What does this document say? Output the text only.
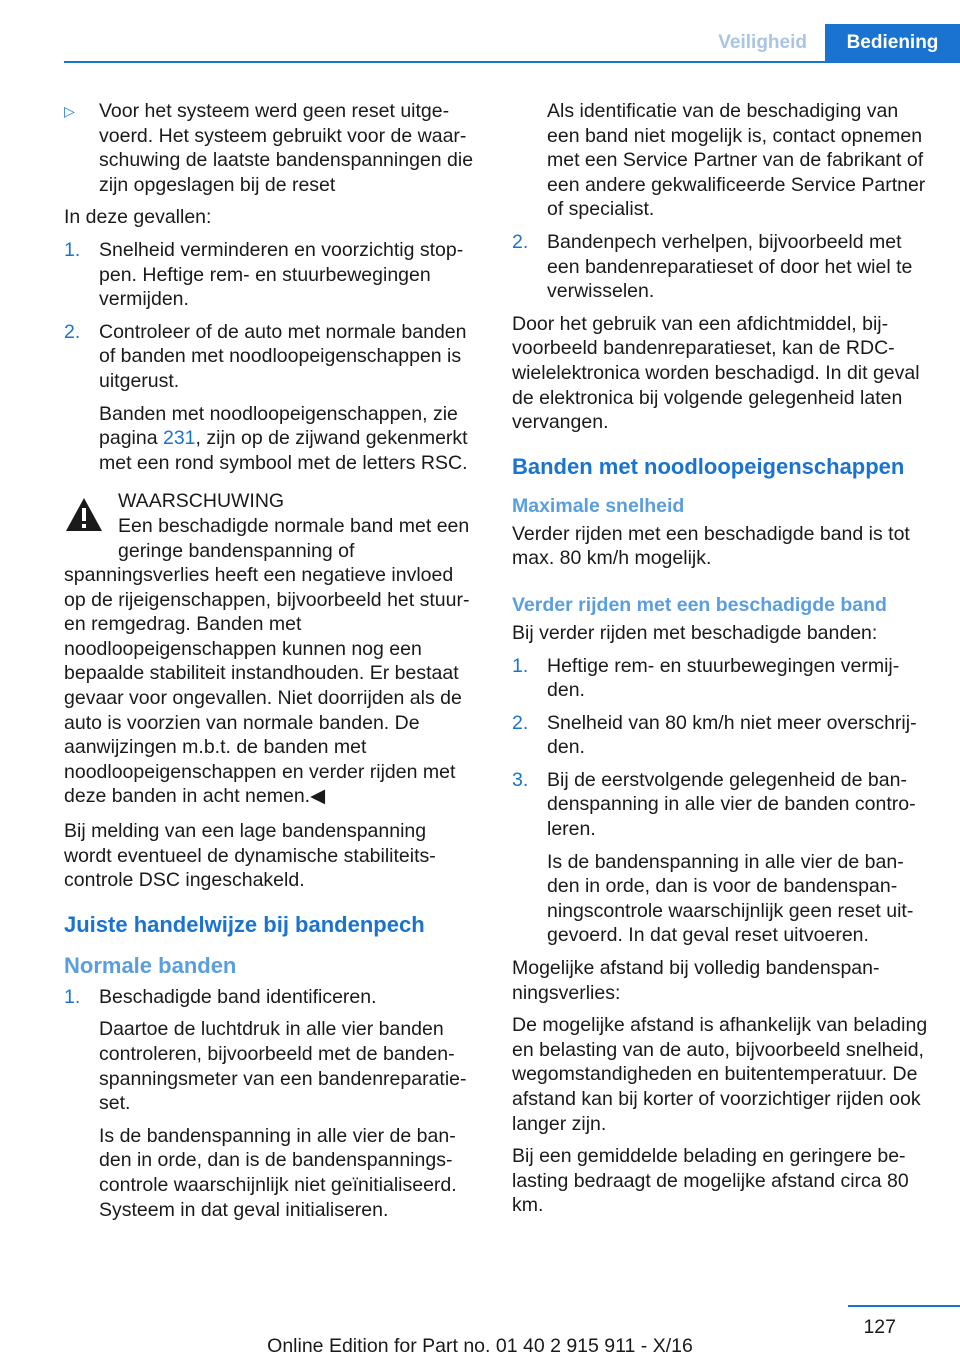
Veiligheid	Bediening
▷ Voor het systeem werd geen reset uitgevoerd. Het systeem gebruikt voor de waarschuwing de laatste bandenspanningen die zijn opgeslagen bij de reset

In deze gevallen:

1. Snelheid verminderen en voorzichtig stoppen. Heftige rem- en stuurbewegingen vermijden.

2. Controleer of de auto met normale banden of banden met noodloopeigenschappen is uitgerust.

Banden met noodloopeigenschappen, zie pagina 231, zijn op de zijwand gekenmerkt met een rond symbool met de letters RSC.

WAARSCHUWING
Een beschadigde normale band met een geringe bandenspanning of spanningsverlies heeft een negatieve invloed op de rijeigenschappen, bijvoorbeeld het stuur- en remgedrag. Banden met noodloopeigenschappen kunnen nog een bepaalde stabiliteit instandhouden. Er bestaat gevaar voor ongevallen. Niet doorrijden als de auto is voorzien van normale banden. De aanwijzingen m.b.t. de banden met noodloopeigenschappen en verder rijden met deze banden in acht nemen.◀

Bij melding van een lage bandenspanning wordt eventueel de dynamische stabiliteitscontrole DSC ingeschakeld.

Juiste handelwijze bij bandenpech
Normale banden
1. Beschadigde band identificeren.

Daartoe de luchtdruk in alle vier banden controleren, bijvoorbeeld met de bandenspanningsmeter van een bandenreparatieset.

Is de bandenspanning in alle vier de banden in orde, dan is de bandenspanningscontrole waarschijnlijk niet geïnitialiseerd. Systeem in dat geval initialiseren.

Als identificatie van de beschadiging van een band niet mogelijk is, contact opnemen met een Service Partner van de fabrikant of een andere gekwalificeerde Service Partner of specialist.

2. Bandenpech verhelpen, bijvoorbeeld met een bandenreparatieset of door het wiel te verwisselen.

Door het gebruik van een afdichtmiddel, bijvoorbeeld bandenreparatieset, kan de RDC-wielelektronica worden beschadigd. In dit geval de elektronica bij volgende gelegenheid laten vervangen.

Banden met noodloopeigenschappen
Maximale snelheid

Verder rijden met een beschadigde band is tot max. 80 km/h mogelijk.

Verder rijden met een beschadigde band

Bij verder rijden met beschadigde banden:

1. Heftige rem- en stuurbewegingen vermijden.

2. Snelheid van 80 km/h niet meer overschrijden.

3. Bij de eerstvolgende gelegenheid de bandenspanning in alle vier de banden controleren.

Is de bandenspanning in alle vier de banden in orde, dan is voor de bandenspanningscontrole waarschijnlijk geen reset uitgevoerd. In dat geval reset uitvoeren.

Mogelijke afstand bij volledig bandenspanningsverlies:

De mogelijke afstand is afhankelijk van belading en belasting van de auto, bijvoorbeeld snelheid, wegomstandigheden en buitentemperatuur. De afstand kan bij korter of voorzichtiger rijden ook langer zijn.

Bij een gemiddelde belading en geringere belasting bedraagt de mogelijke afstand circa 80 km.

127
Online Edition for Part no. 01 40 2 915 911 - X/16
